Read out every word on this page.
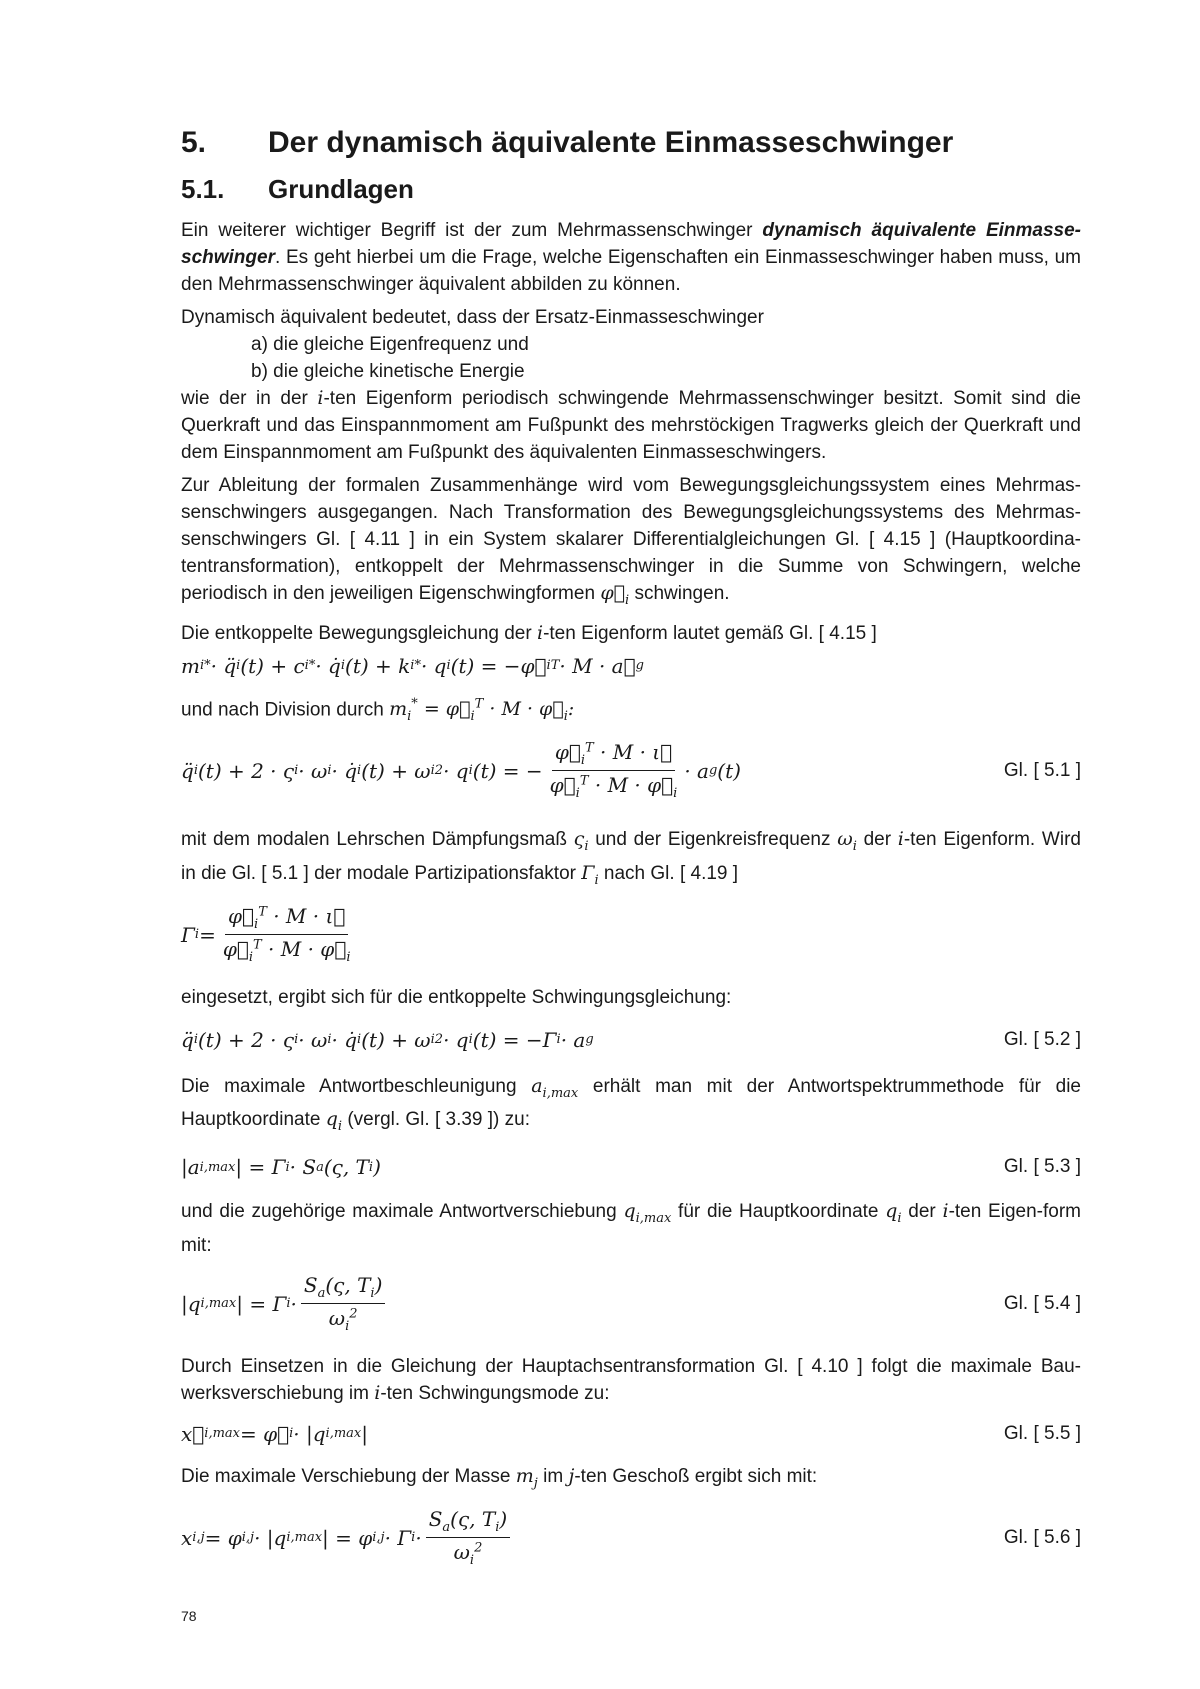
5.	Der dynamisch äquivalente Einmasseschwinger
5.1.	Grundlagen

Ein weiterer wichtiger Begriff ist der zum Mehrmassenschwinger dynamisch äquivalente Einmasse-schwinger. Es geht hierbei um die Frage, welche Eigenschaften ein Einmasseschwinger haben muss, um den Mehrmassenschwinger äquivalent abbilden zu können.

Dynamisch äquivalent bedeutet, dass der Ersatz-Einmasseschwinger

a) die gleiche Eigenfrequenz und
b) die gleiche kinetische Energie

wie der in der i-ten Eigenform periodisch schwingende Mehrmassenschwinger besitzt. Somit sind die Querkraft und das Einspannmoment am Fußpunkt des mehrstöckigen Tragwerks gleich der Querkraft und dem Einspannmoment am Fußpunkt des äquivalenten Einmasseschwingers.

Zur Ableitung der formalen Zusammenhänge wird vom Bewegungsgleichungssystem eines Mehrmas-senschwingers ausgegangen. Nach Transformation des Bewegungsgleichungssystems des Mehrmas-senschwingers Gl. [ 4.11 ] in ein System skalarer Differentialgleichungen Gl. [ 4.15 ] (Hauptkoordina-tentransformation), entkoppelt der Mehrmassenschwinger in die Summe von Schwingern, welche periodisch in den jeweiligen Eigenschwingformen $\varphi⃗_i$ schwingen.

Die entkoppelte Bewegungsgleichung der i-ten Eigenform lautet gemäß Gl. [ 4.15 ]

m i * · q̈ i (t) + c i * · q̇ i (t) + k i * · q i (t) = −φ⃗ i T · M · a⃗ g

und nach Division durch $m_i^*$ = $\varphi⃗_i^T \cdot M$ · $\varphi⃗_i$:

q̈ i (t) + 2 · ς i · ω i · q̇ i (t) + ω i 2 · q i (t) = − $\frac{\varphi⃗_i^T \cdot M \cdot \iota⃗}{\varphi⃗_i^T \cdot M \cdot \varphi⃗_i} \cdot a$ g (t)	Gl. [ 5.1 ]

mit dem modalen Lehrschen Dämpfungsmaß $\varsigma_i$ und der Eigenkreisfrequenz $\omega_i$ der i-ten Eigenform. Wird in die Gl. [ 5.1 ] der modale Partizipationsfaktor $\Gamma_i$ nach Gl. [ 4.19 ]

Γ $i = \frac{\varphi⃗_i^T \cdot M \cdot \iota⃗}{\varphi⃗_i^T \cdot M \cdot \varphi⃗_i}$

eingesetzt, ergibt sich für die entkoppelte Schwingungsgleichung:

q̈ i (t) + 2 · ς i · ω i · q̇ i (t) + ω i 2 · q i (t) = −Γ i · a g	Gl. [ 5.2 ]

Die maximale Antwortbeschleunigung $a_{i,max}$ erhält man mit der Antwortspektrummethode für die Hauptkoordinate $q_i$ (vergl. Gl. [ 3.39 ]) zu:

|a i,max | = Γ i · S a (ς, T i )	Gl. [ 5.3 ]

und die zugehörige maximale Antwortverschiebung $q_{i,max}$ für die Hauptkoordinate $q_i$ der i-ten Eigen-form mit:

|q i,max | = Γ $i \cdot \frac{S_a(\varsigma, T_i)}{\omega_i^2}$	Gl. [ 5.4 ]

Durch Einsetzen in die Gleichung der Hauptachsentransformation Gl. [ 4.10 ] folgt die maximale Bau-werksverschiebung im i-ten Schwingungsmode zu:

x⃗ i,max = φ⃗ i · |q i,max |	Gl. [ 5.5 ]

Die maximale Verschiebung der Masse $m_j$ im j-ten Geschoß ergibt sich mit:

x i,j = φ i,j · |q i,max | = φ i,j · Γ $i \cdot \frac{S_a(\varsigma, T_i)}{\omega_i^2}$	Gl. [ 5.6 ]
78
